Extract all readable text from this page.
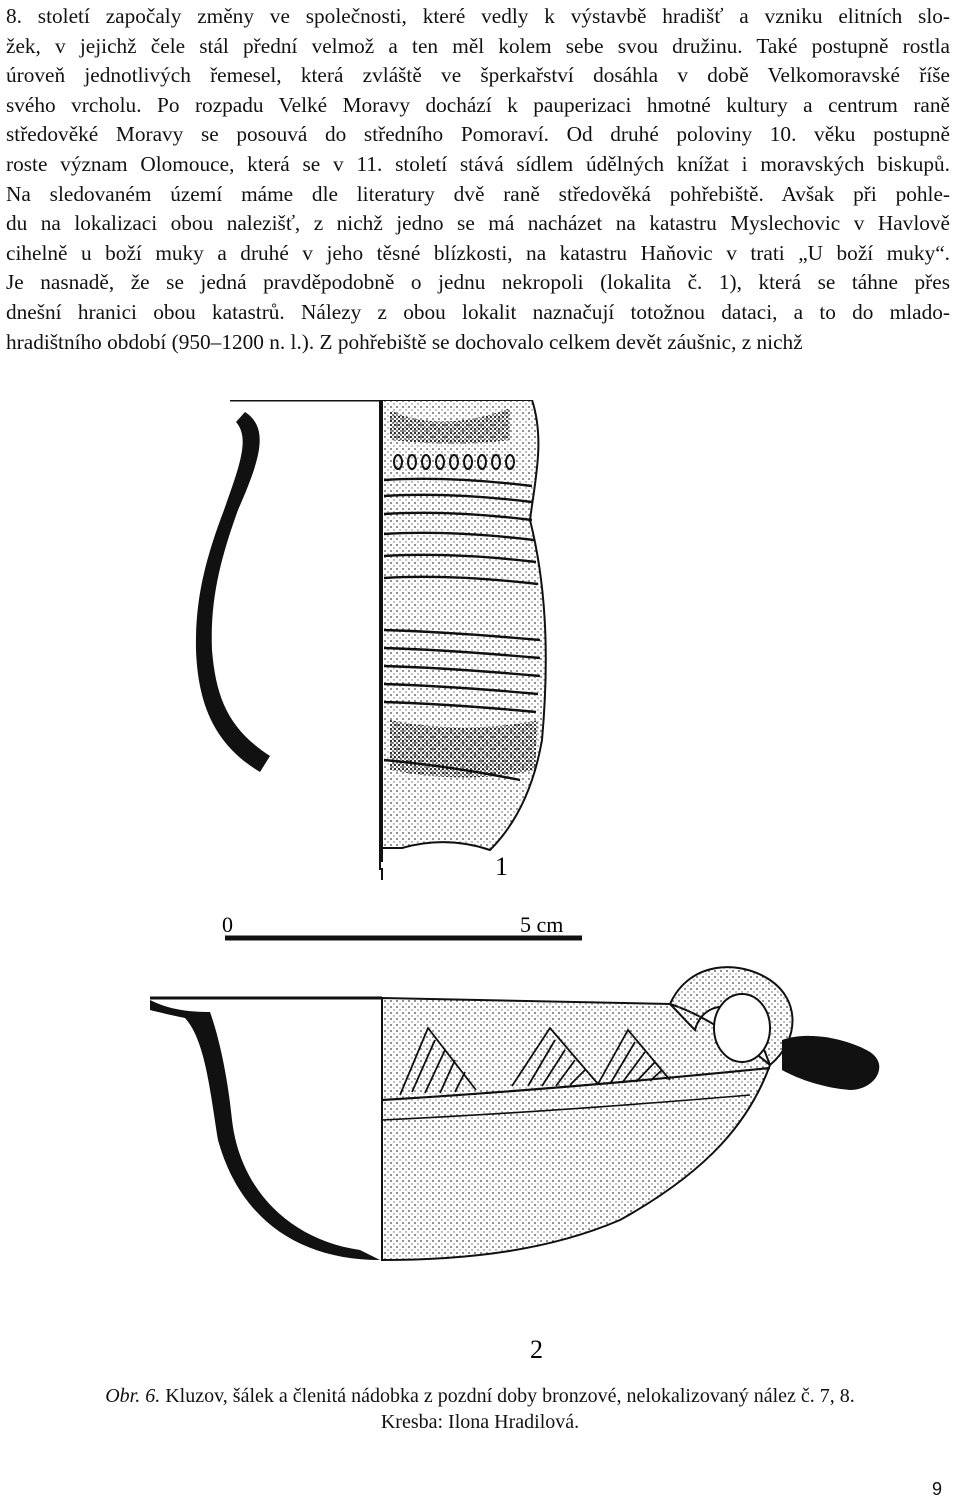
8. století započaly změny ve společnosti, které vedly k výstavbě hradišť a vzniku elitních slo-
žek, v jejichž čele stál přední velmož a ten měl kolem sebe svou družinu. Také postupně rostla
úroveň jednotlivých řemesel, která zvláště ve šperkařství dosáhla v době Velkomoravské říše
svého vrcholu. Po rozpadu Velké Moravy dochází k pauperizaci hmotné kultury a centrum raně
středověké Moravy se posouvá do středního Pomoraví. Od druhé poloviny 10. věku postupně
roste význam Olomouce, která se v 11. století stává sídlem údělných knížat i moravských biskupů.
Na sledovaném území máme dle literatury dvě raně středověká pohřebiště. Avšak při pohle-
du na lokalizaci obou nalezišť, z nichž jedno se má nacházet na katastru Myslechovic v Havlově
cihelně u boží muky a druhé v jeho těsné blízkosti, na katastru Haňovic v trati „U boží muky“.
Je nasnadě, že se jedná pravděpodobně o jednu nekropoli (lokalita č. 1), která se táhne přes
dnešní hranici obou katastrů. Nálezy z obou lokalit naznačují totožnou dataci, a to do mlado-
hradištního období (950–1200 n. l.). Z pohřebiště se dochovalo celkem devět záušnic, z nichž
1
0	5 cm
2
Obr. 6. Kluzov, šálek a členitá nádobka z pozdní doby bronzové, nelokalizovaný nález č. 7, 8.
Kresba: Ilona Hradilová.
9
